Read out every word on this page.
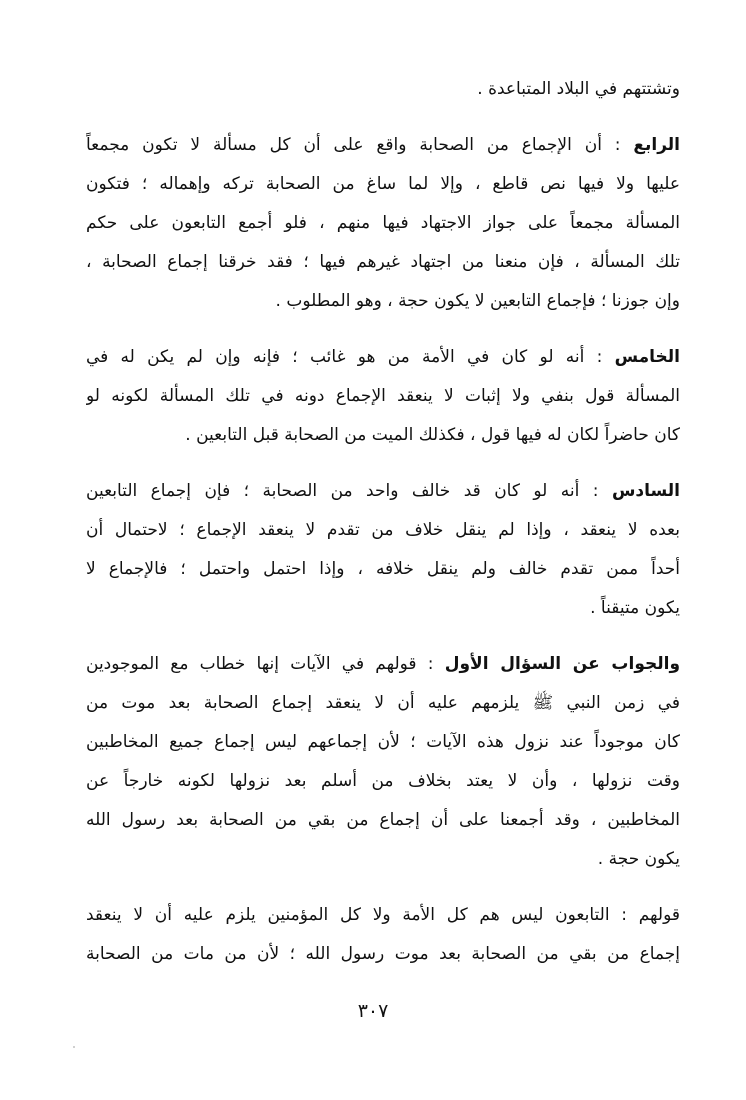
وتشتتهم في البلاد المتباعدة .
الرابع : أن الإجماع من الصحابة واقع على أن كل مسألة لا تكون مجمعاً
عليها ولا فيها نص قاطع ، وإلا لما ساغ من الصحابة تركه وإهماله ؛ فتكون
المسألة مجمعاً على جواز الاجتهاد فيها منهم ، فلو أجمع التابعون على حكم
تلك المسألة ، فإن منعنا من اجتهاد غيرهم فيها ؛ فقد خرقنا إجماع الصحابة ،
وإن جوزنا ؛ فإجماع التابعين لا يكون حجة ، وهو المطلوب .
الخامس : أنه لو كان في الأمة من هو غائب ؛ فإنه وإن لم يكن له في
المسألة قول بنفي ولا إثبات لا ينعقد الإجماع دونه في تلك المسألة لكونه لو
كان حاضراً لكان له فيها قول ، فكذلك الميت من الصحابة قبل التابعين .
السادس : أنه لو كان قد خالف واحد من الصحابة ؛ فإن إجماع التابعين
بعده لا ينعقد ، وإذا لم ينقل خلاف من تقدم لا ينعقد الإجماع ؛ لاحتمال أن
أحداً ممن تقدم خالف ولم ينقل خلافه ، وإذا احتمل واحتمل ؛ فالإجماع لا
يكون متيقناً .
والجواب عن السؤال الأول : قولهم في الآيات إنها خطاب مع الموجودين
في زمن النبي ﷺ يلزمهم عليه أن لا ينعقد إجماع الصحابة بعد موت من
كان موجوداً عند نزول هذه الآيات ؛ لأن إجماعهم ليس إجماع جميع المخاطبين
وقت نزولها ، وأن لا يعتد بخلاف من أسلم بعد نزولها لكونه خارجاً عن
المخاطبين ، وقد أجمعنا على أن إجماع من بقي من الصحابة بعد رسول الله
يكون حجة .
قولهم : التابعون ليس هم كل الأمة ولا كل المؤمنين يلزم عليه أن لا ينعقد
إجماع من بقي من الصحابة بعد موت رسول الله ؛ لأن من مات من الصحابة
٣٠٧
